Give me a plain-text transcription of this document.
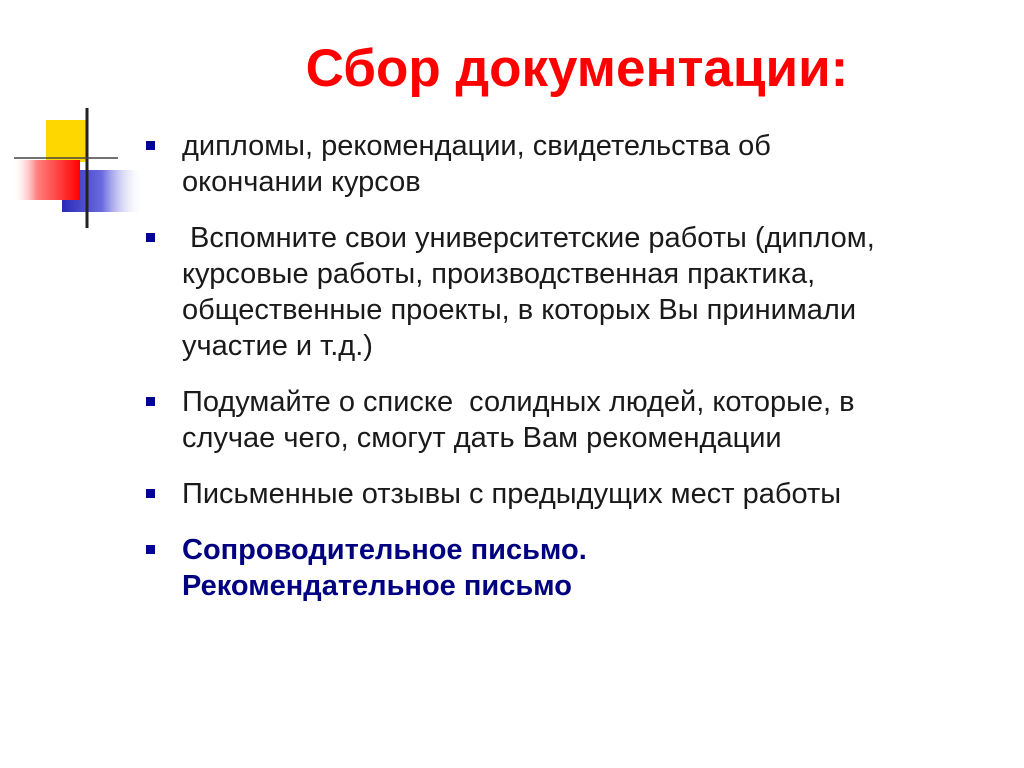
Сбор документации:
дипломы, рекомендации, свидетельства об
окончании курсов
Вспомните свои университетские работы (диплом,
курсовые работы, производственная практика,
общественные проекты, в которых Вы принимали
участие и т.д.)
Подумайте о списке  солидных людей, которые, в
случае чего, смогут дать Вам рекомендации
Письменные отзывы с предыдущих мест работы
Сопроводительное письмо.
Рекомендательное письмо
